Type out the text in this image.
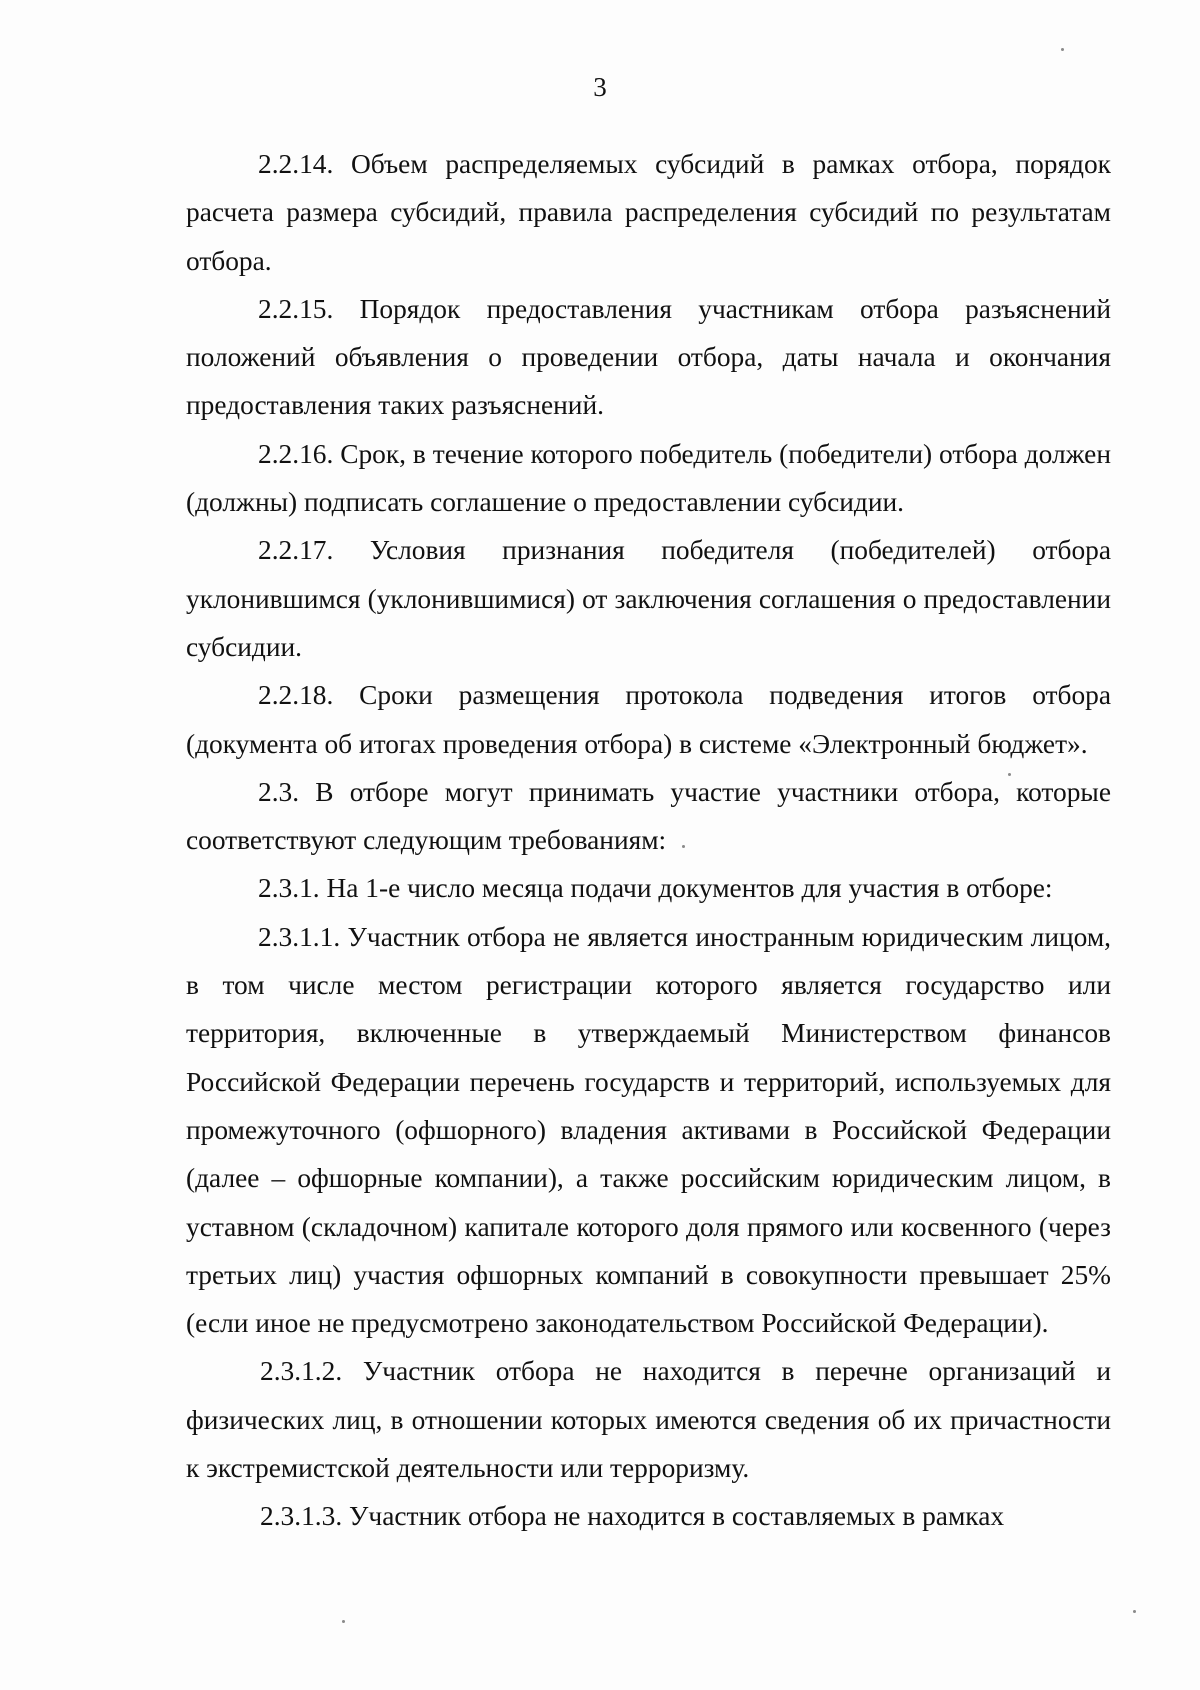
3

2.2.14. Объем распределяемых субсидий в рамках отбора, порядок расчета размера субсидий, правила распределения субсидий по результатам отбора.

2.2.15. Порядок предоставления участникам отбора разъяснений положений объявления о проведении отбора, даты начала и окончания предоставления таких разъяснений.

2.2.16. Срок, в течение которого победитель (победители) отбора должен (должны) подписать соглашение о предоставлении субсидии.

2.2.17. Условия признания победителя (победителей) отбора уклонившимся (уклонившимися) от заключения соглашения о предоставлении субсидии.

2.2.18. Сроки размещения протокола подведения итогов отбора (документа об итогах проведения отбора) в системе «Электронный бюджет».

2.3. В отборе могут принимать участие участники отбора, которые соответствуют следующим требованиям:

2.3.1. На 1-е число месяца подачи документов для участия в отборе:

2.3.1.1. Участник отбора не является иностранным юридическим лицом, в том числе местом регистрации которого является государство или территория, включенные в утверждаемый Министерством финансов Российской Федерации перечень государств и территорий, используемых для промежуточного (офшорного) владения активами в Российской Федерации (далее – офшорные компании), а также российским юридическим лицом, в уставном (складочном) капитале которого доля прямого или косвенного (через третьих лиц) участия офшорных компаний в совокупности превышает 25% (если иное не предусмотрено законодательством Российской Федерации).

2.3.1.2. Участник отбора не находится в перечне организаций и физических лиц, в отношении которых имеются сведения об их причастности к экстремистской деятельности или терроризму.

2.3.1.3. Участник отбора не находится в составляемых в рамках
